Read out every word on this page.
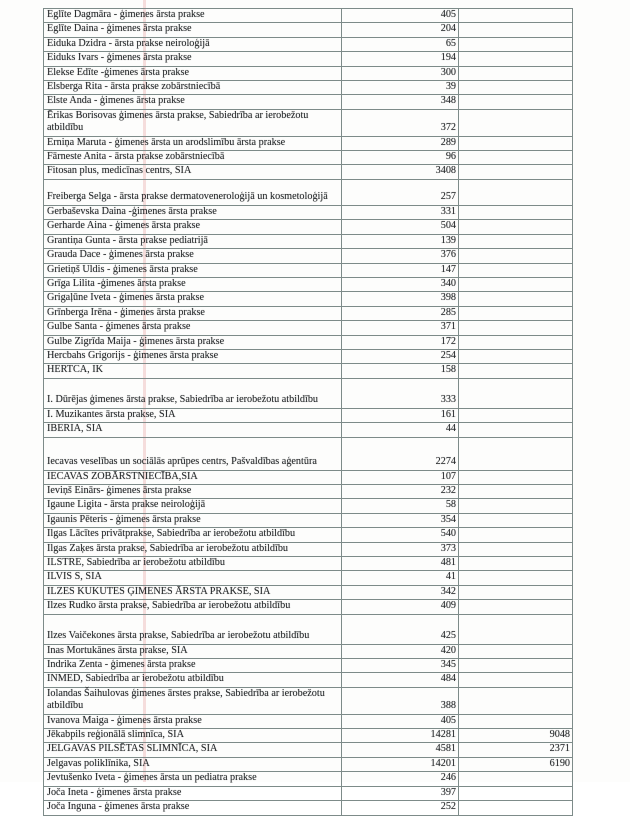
Eglīte Dagmāra - ģimenes ārsta prakse	405	
Eglīte Daina - ģimenes ārsta prakse	204	
Eiduka Dzidra - ārsta prakse neiroloģijā	65	
Eiduks Ivars - ģimenes ārsta prakse	194	
Elekse Edīte -ģimenes ārsta prakse	300	
Elsberga Rita - ārsta prakse zobārstniecībā	39	
Elste Anda - ģimenes ārsta prakse	348	
Ērikas Borisovas ģimenes ārsta prakse, Sabiedrība ar ierobežotu atbildību	372	
Erniņa Maruta - ģimenes ārsta un arodslimību ārsta prakse	289	
Fārneste Anita - ārsta prakse zobārstniecībā	96	
Fitosan plus, medicīnas centrs, SIA	3408	
Freiberga Selga - ārsta prakse dermatoveneroloģijā un kosmetoloģijā	257	
Gerbaševska Daina -ģimenes ārsta prakse	331	
Gerharde Aina - ģimenes ārsta prakse	504	
Grantiņa Gunta - ārsta prakse pediatrijā	139	
Grauda Dace - ģimenes ārsta prakse	376	
Grietiņš Uldis - ģimenes ārsta prakse	147	
Grīga Lilita -ģimenes ārsta prakse	340	
Grigaļūne Iveta - ģimenes ārsta prakse	398	
Grīnberga Irēna - ģimenes ārsta prakse	285	
Gulbe Santa - ģimenes ārsta prakse	371	
Gulbe Zigrīda Maija - ģimenes ārsta prakse	172	
Hercbahs Grigorijs - ģimenes ārsta prakse	254	
HERTCA, IK	158	
I. Dūrējas ģimenes ārsta prakse, Sabiedrība ar ierobežotu atbildību	333	
I. Muzikantes ārsta prakse, SIA	161	
IBERIA, SIA	44	
Iecavas veselības un sociālās aprūpes centrs, Pašvaldības aģentūra	2274	
IECAVAS ZOBĀRSTNIECĪBA,SIA	107	
Ieviņš Einārs- ģimenes ārsta prakse	232	
Igaune Ligita - ārsta prakse neiroloģijā	58	
Igaunis Pēteris - ģimenes ārsta prakse	354	
Ilgas Lācītes privātprakse, Sabiedrība ar ierobežotu atbildību	540	
Ilgas Zaķes ārsta prakse, Sabiedrība ar ierobežotu atbildību	373	
ILSTRE, Sabiedrība ar ierobežotu atbildību	481	
ILVIS S, SIA	41	
ILZES KUKUTES ĢIMENES ĀRSTA PRAKSE, SIA	342	
Ilzes Rudko ārsta prakse, Sabiedrība ar ierobežotu atbildību	409	
Ilzes Vaičekones ārsta prakse, Sabiedrība ar ierobežotu atbildību	425	
Inas Mortukānes ārsta prakse, SIA	420	
Indrika Zenta - ģimenes ārsta prakse	345	
INMED, Sabiedrība ar ierobežotu atbildību	484	
Iolandas Šaihulovas ģimenes ārstes prakse, Sabiedrība ar ierobežotu atbildību	388	
Ivanova Maiga - ģimenes ārsta prakse	405	
Jēkabpils reģionālā slimnīca, SIA	14281	9048
JELGAVAS PILSĒTAS SLIMNĪCA, SIA	4581	2371
Jelgavas poliklīnika, SIA	14201	6190
Jevtušenko Iveta - ģimenes ārsta un pediatra prakse	246	
Joča Ineta - ģimenes ārsta prakse	397	
Joča Inguna - ģimenes ārsta prakse	252	
